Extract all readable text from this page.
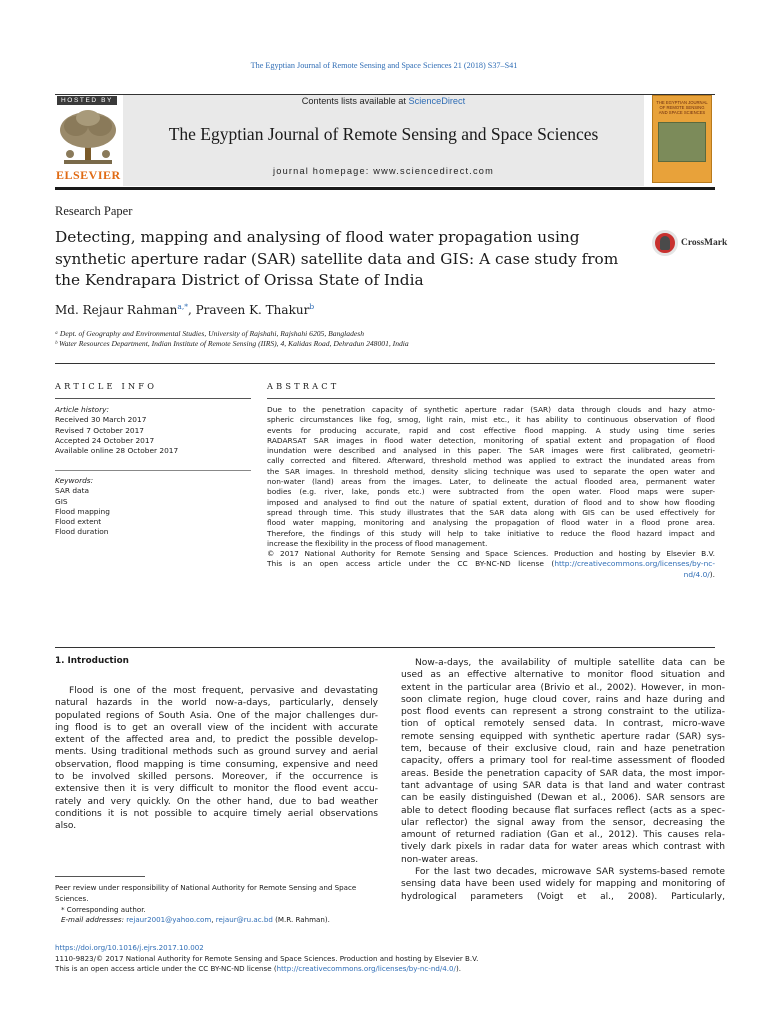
The Egyptian Journal of Remote Sensing and Space Sciences 21 (2018) S37–S41
HOSTED BY
ELSEVIER
Contents lists available at ScienceDirect
The Egyptian Journal of Remote Sensing and Space Sciences
journal homepage: www.sciencedirect.com
THE EGYPTIAN JOURNAL OF REMOTE SENSING AND SPACE SCIENCES
Research Paper
Detecting, mapping and analysing of flood water propagation using
synthetic aperture radar (SAR) satellite data and GIS: A case study from
the Kendrapara District of Orissa State of India
CrossMark
Md. Rejaur Rahman$^{a,*}$, Praveen K. Thakur$^b$
ᵃ Dept. of Geography and Environmental Studies, University of Rajshahi, Rajshahi 6205, Bangladesh
ᵇ Water Resources Department, Indian Institute of Remote Sensing (IIRS), 4, Kalidas Road, Dehradun 248001, India
ARTICLE INFO	ABSTRACT
Article history:
Received 30 March 2017
Revised 7 October 2017
Accepted 24 October 2017
Available online 28 October 2017
Keywords:
SAR data
GIS
Flood mapping
Flood extent
Flood duration
Due to the penetration capacity of synthetic aperture radar (SAR) data through clouds and hazy atmo-
spheric circumstances like fog, smog, light rain, mist etc., it has ability to continuous observation of flood
events for producing accurate, rapid and cost effective flood mapping. A study using time series
RADARSAT SAR images in flood water detection, monitoring of spatial extent and propagation of flood
inundation were described and analysed in this paper. The SAR images were first calibrated, geometri-
cally corrected and filtered. Afterward, threshold method was applied to extract the inundated areas from
the SAR images. In threshold method, density slicing technique was used to separate the open water and
non-water (land) areas from the images. Later, to delineate the actual flooded area, permanent water
bodies (e.g. river, lake, ponds etc.) were subtracted from the open water. Flood maps were super-
imposed and analysed to find out the nature of spatial extent, duration of flood and to show how flooding
spread through time. This study illustrates that the SAR data along with GIS can be used effectively for
flood water mapping, monitoring and analysing the propagation of flood water in a flood prone area.
Therefore, the findings of this study will help to take initiative to reduce the flood hazard impact and
increase the flexibility in the process of flood management.
© 2017 National Authority for Remote Sensing and Space Sciences. Production and hosting by Elsevier B.V.
This is an open access article under the CC BY-NC-ND license (http://creativecommons.org/licenses/by-nc-
nd/4.0/).
1. Introduction
Flood is one of the most frequent, pervasive and devastating
natural hazards in the world now-a-days, particularly, densely
populated regions of South Asia. One of the major challenges dur-
ing flood is to get an overall view of the incident with accurate
extent of the affected area and, to predict the possible develop-
ments. Using traditional methods such as ground survey and aerial
observation, flood mapping is time consuming, expensive and need
to be involved skilled persons. Moreover, if the occurrence is
extensive then it is very difficult to monitor the flood event accu-
rately and very quickly. On the other hand, due to bad weather
conditions it is not possible to acquire timely aerial observations
also.
Now-a-days, the availability of multiple satellite data can be
used as an effective alternative to monitor flood situation and
extent in the particular area (Brivio et al., 2002). However, in mon-
soon climate region, huge cloud cover, rains and haze during and
post flood events can represent a strong constraint to the utiliza-
tion of optical remotely sensed data. In contrast, micro-wave
remote sensing equipped with synthetic aperture radar (SAR) sys-
tem, because of their exclusive cloud, rain and haze penetration
capacity, offers a primary tool for real-time assessment of flooded
areas. Beside the penetration capacity of SAR data, the most impor-
tant advantage of using SAR data is that land and water contrast
can be easily distinguished (Dewan et al., 2006). SAR sensors are
able to detect flooding because flat surfaces reflect (acts as a spec-
ular reflector) the signal away from the sensor, decreasing the
amount of returned radiation (Gan et al., 2012). This causes rela-
tively dark pixels in radar data for water areas which contrast with
non-water areas.
For the last two decades, microwave SAR systems-based remote
sensing data have been used widely for mapping and monitoring of
hydrological parameters (Voigt et al., 2008). Particularly,
Peer review under responsibility of National Authority for Remote Sensing and Space Sciences.
* Corresponding author.
E-mail addresses: rejaur2001@yahoo.com, rejaur@ru.ac.bd (M.R. Rahman).
https://doi.org/10.1016/j.ejrs.2017.10.002
1110-9823/© 2017 National Authority for Remote Sensing and Space Sciences. Production and hosting by Elsevier B.V.
This is an open access article under the CC BY-NC-ND license (http://creativecommons.org/licenses/by-nc-nd/4.0/).
